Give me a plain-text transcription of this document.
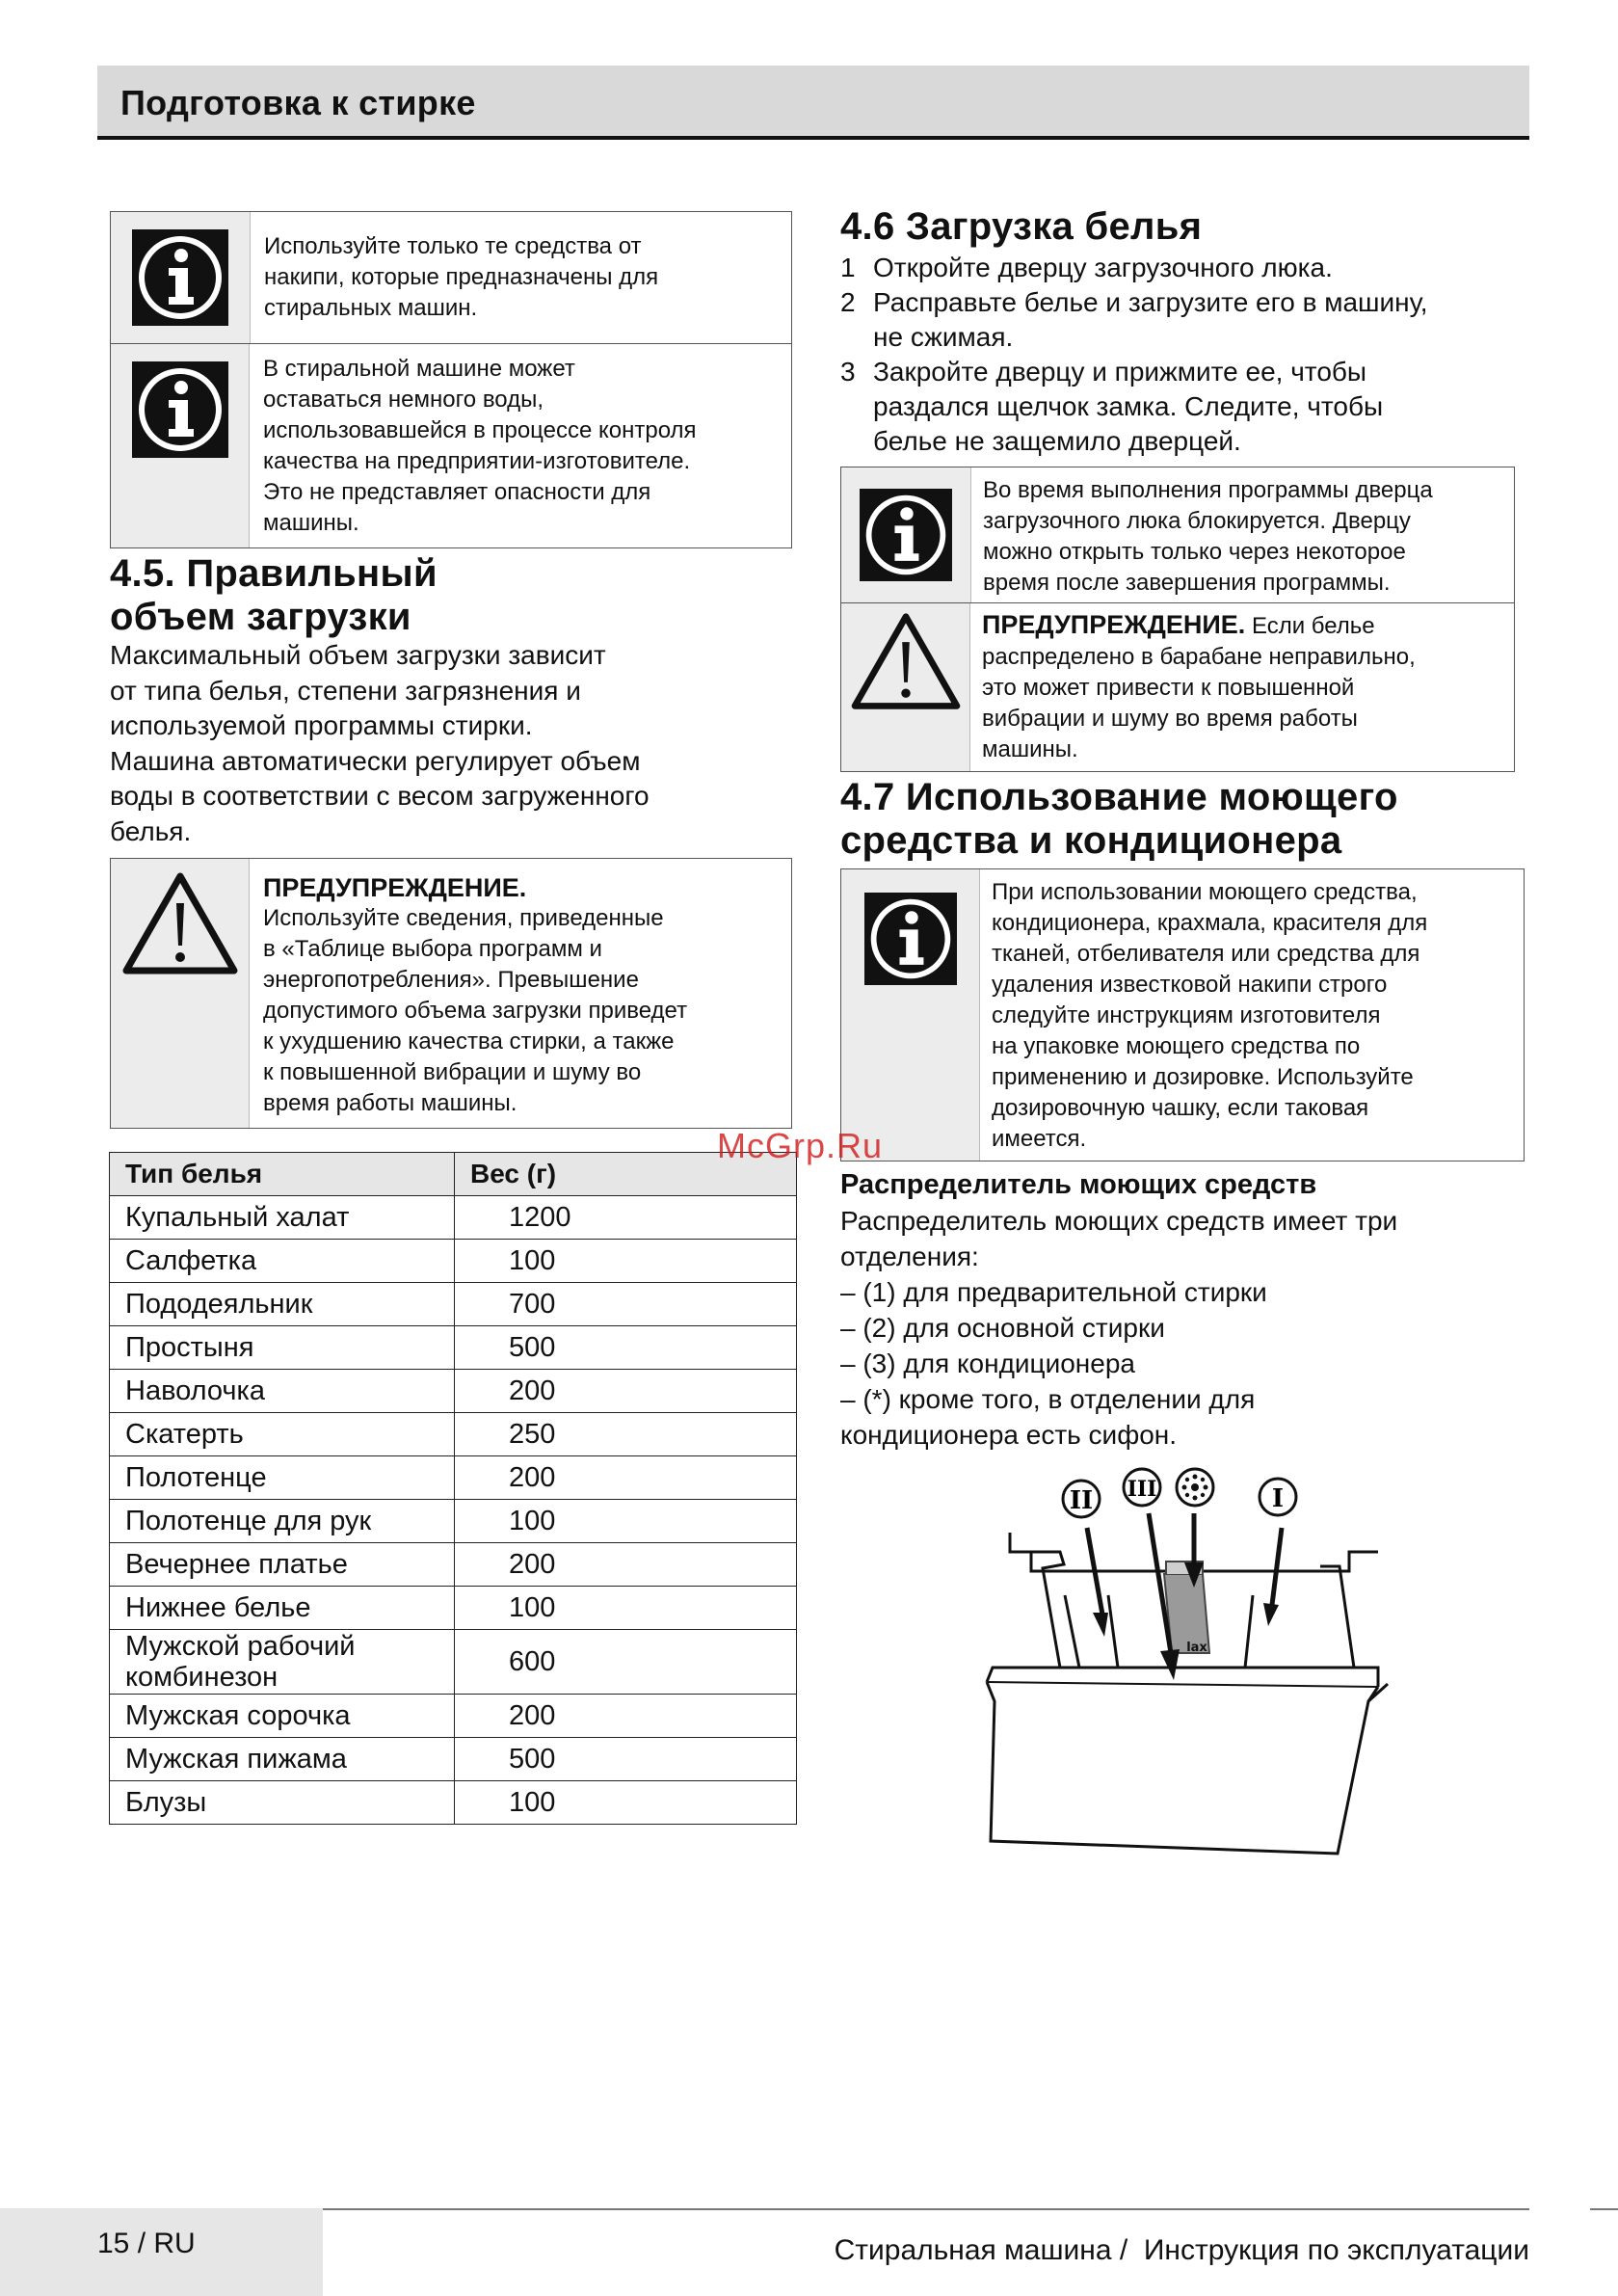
Подготовка к стирке
Используйте только те средства от
накипи, которые предназначены для
стиральных машин.
В стиральной машине может
оставаться немного воды,
использовавшейся в процессе контроля
качества на предприятии-изготовителе.
Это не представляет опасности для
машины.
4.5. Правильный
объем загрузки
Максимальный объем загрузки зависит
от типа белья, степени загрязнения и
используемой программы стирки.
Машина автоматически регулирует объем
воды в соответствии с весом загруженного
белья.
ПРЕДУПРЕЖДЕНИЕ.
Используйте сведения, приведенные
в «Таблице выбора программ и
энергопотребления». Превышение
допустимого объема загрузки приведет
к ухудшению качества стирки, а также
к повышенной вибрации и шуму во
время работы машины.
Тип белья	Вес (г)
Купальный халат	1200
Салфетка	100
Пододеяльник	700
Простыня	500
Наволочка	200
Скатерть	250
Полотенце	200
Полотенце для рук	100
Вечернее платье	200
Нижнее белье	100
Мужской рабочий
комбинезон	600
Мужская сорочка	200
Мужская пижама	500
Блузы	100
4.6 Загрузка белья
1 Откройте дверцу загрузочного люка.
2 Расправьте белье и загрузите его в машину,
не сжимая.
3 Закройте дверцу и прижмите ее, чтобы
раздался щелчок замка. Следите, чтобы
белье не защемило дверцей.
Во время выполнения программы дверца
загрузочного люка блокируется. Дверцу
можно открыть только через некоторое
время после завершения программы.
ПРЕДУПРЕЖДЕНИЕ. Если белье
распределено в барабане неправильно,
это может привести к повышенной
вибрации и шуму во время работы
машины.
4.7 Использование моющего
средства и кондиционера
При использовании моющего средства,
кондиционера, крахмала, красителя для
тканей, отбеливателя или средства для
удаления известковой накипи строго
следуйте инструкциям изготовителя
на упаковке моющего средства по
применению и дозировке. Используйте
дозировочную чашку, если таковая
имеется.
McGrp.Ru
Распределитель моющих средств
Распределитель моющих средств имеет три
отделения:
– (1) для предварительной стирки
– (2) для основной стирки
– (3) для кондиционера
– (*) кроме того, в отделении для
кондиционера есть сифон.
II III	I
lax
15 / RU	Стиральная машина /  Инструкция по эксплуатации
